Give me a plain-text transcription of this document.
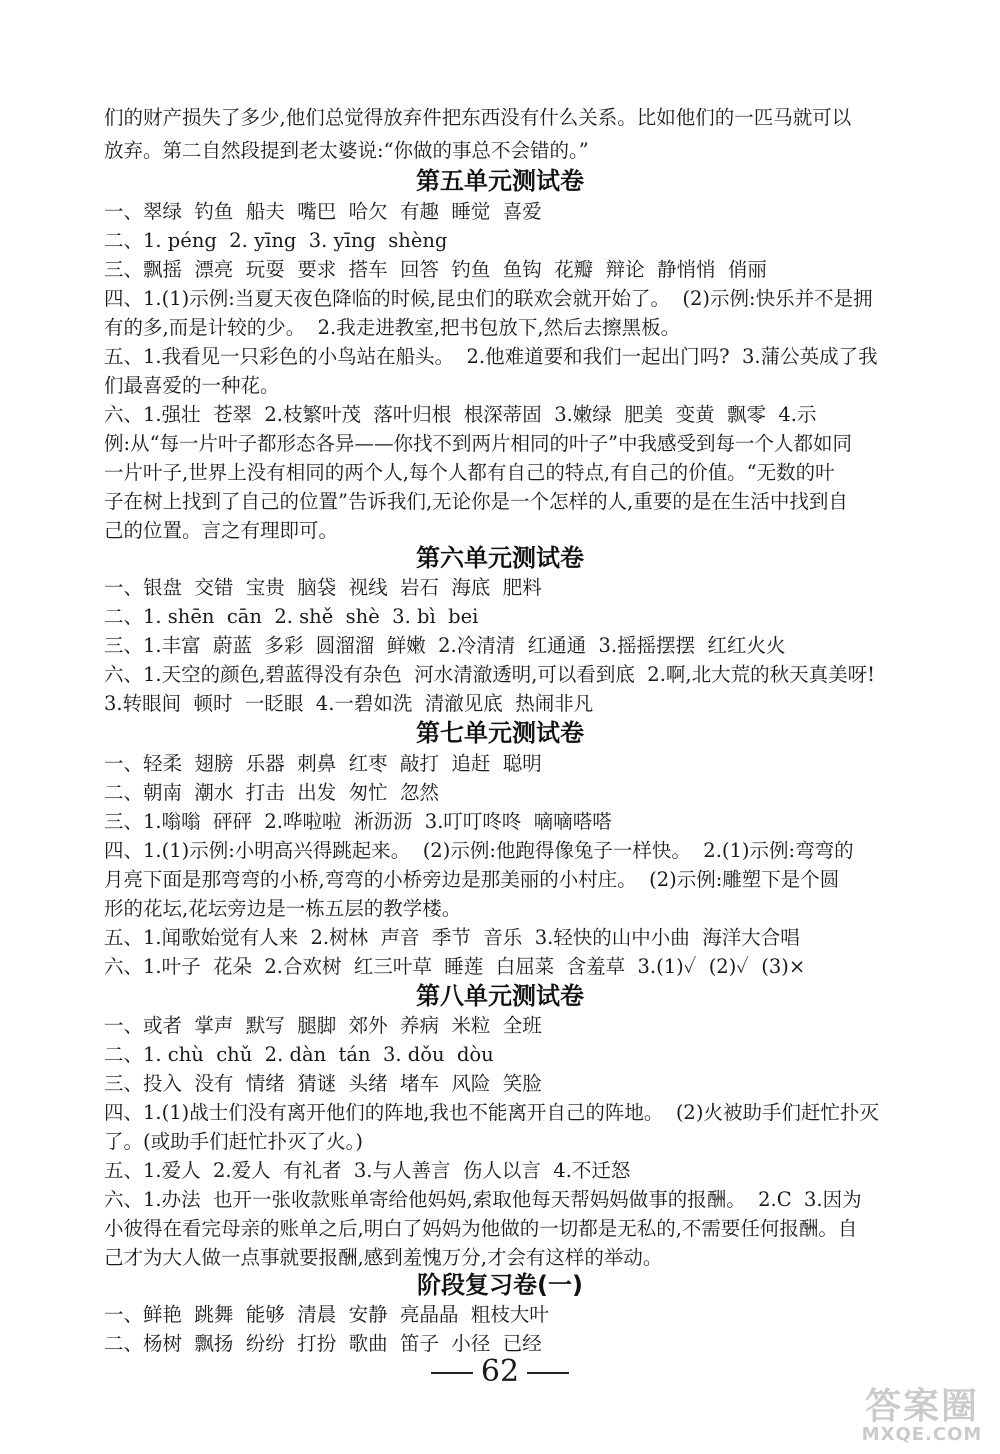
们的财产损失了多少,他们总觉得放弃件把东西没有什么关系。比如他们的一匹马就可以
放弃。第二自然段提到老太婆说:“你做的事总不会错的。”
第五单元测试卷
一、翠绿  钓鱼  船夫  嘴巴  哈欠  有趣  睡觉  喜爱
二、1. péng  2. yīng  3. yīng  shèng
三、飘摇  漂亮  玩耍  要求  搭车  回答  钓鱼  鱼钩  花瓣  辩论  静悄悄  俏丽
四、1.(1)示例:当夏天夜色降临的时候,昆虫们的联欢会就开始了。  (2)示例:快乐并不是拥
有的多,而是计较的少。  2.我走进教室,把书包放下,然后去擦黑板。
五、1.我看见一只彩色的小鸟站在船头。  2.他难道要和我们一起出门吗?  3.蒲公英成了我
们最喜爱的一种花。
六、1.强壮  苍翠  2.枝繁叶茂  落叶归根  根深蒂固  3.嫩绿  肥美  变黄  飘零  4.示
例:从“每一片叶子都形态各异——你找不到两片相同的叶子”中我感受到每一个人都如同
一片叶子,世界上没有相同的两个人,每个人都有自己的特点,有自己的价值。“无数的叶
子在树上找到了自己的位置”告诉我们,无论你是一个怎样的人,重要的是在生活中找到自
己的位置。言之有理即可。
第六单元测试卷
一、银盘  交错  宝贵  脑袋  视线  岩石  海底  肥料
二、1. shēn  cān  2. shě  shè  3. bì  bei
三、1.丰富  蔚蓝  多彩  圆溜溜  鲜嫩  2.冷清清  红通通  3.摇摇摆摆  红红火火
六、1.天空的颜色,碧蓝得没有杂色  河水清澈透明,可以看到底  2.啊,北大荒的秋天真美呀!
3.转眼间  顿时  一眨眼  4.一碧如洗  清澈见底  热闹非凡
第七单元测试卷
一、轻柔  翅膀  乐器  刺鼻  红枣  敲打  追赶  聪明
二、朝南  潮水  打击  出发  匆忙  忽然
三、1.嗡嗡  砰砰  2.哗啦啦  淅沥沥  3.叮叮咚咚  嘀嘀嗒嗒
四、1.(1)示例:小明高兴得跳起来。  (2)示例:他跑得像兔子一样快。  2.(1)示例:弯弯的
月亮下面是那弯弯的小桥,弯弯的小桥旁边是那美丽的小村庄。  (2)示例:雕塑下是个圆
形的花坛,花坛旁边是一栋五层的教学楼。
五、1.闻歌始觉有人来  2.树林  声音  季节  音乐  3.轻快的山中小曲  海洋大合唱
六、1.叶子  花朵  2.合欢树  红三叶草  睡莲  白屈菜  含羞草  3.(1)✓  (2)✓  (3)×
第八单元测试卷
一、或者  掌声  默写  腿脚  郊外  养病  米粒  全班
二、1. chù  chǔ  2. dàn  tán  3. dǒu  dòu
三、投入  没有  情绪  猜谜  头绪  堵车  风险  笑脸
四、1.(1)战士们没有离开他们的阵地,我也不能离开自己的阵地。  (2)火被助手们赶忙扑灭
了。(或助手们赶忙扑灭了火。)
五、1.爱人  2.爱人  有礼者  3.与人善言  伤人以言  4.不迁怒
六、1.办法  也开一张收款账单寄给他妈妈,索取他每天帮妈妈做事的报酬。  2.C  3.因为
小彼得在看完母亲的账单之后,明白了妈妈为他做的一切都是无私的,不需要任何报酬。自
己才为大人做一点事就要报酬,感到羞愧万分,才会有这样的举动。
阶段复习卷(一)
一、鲜艳  跳舞  能够  清晨  安静  亮晶晶  粗枝大叶
二、杨树  飘扬  纷纷  打扮  歌曲  笛子  小径  已经
62
答案圈
MXQE.COM
